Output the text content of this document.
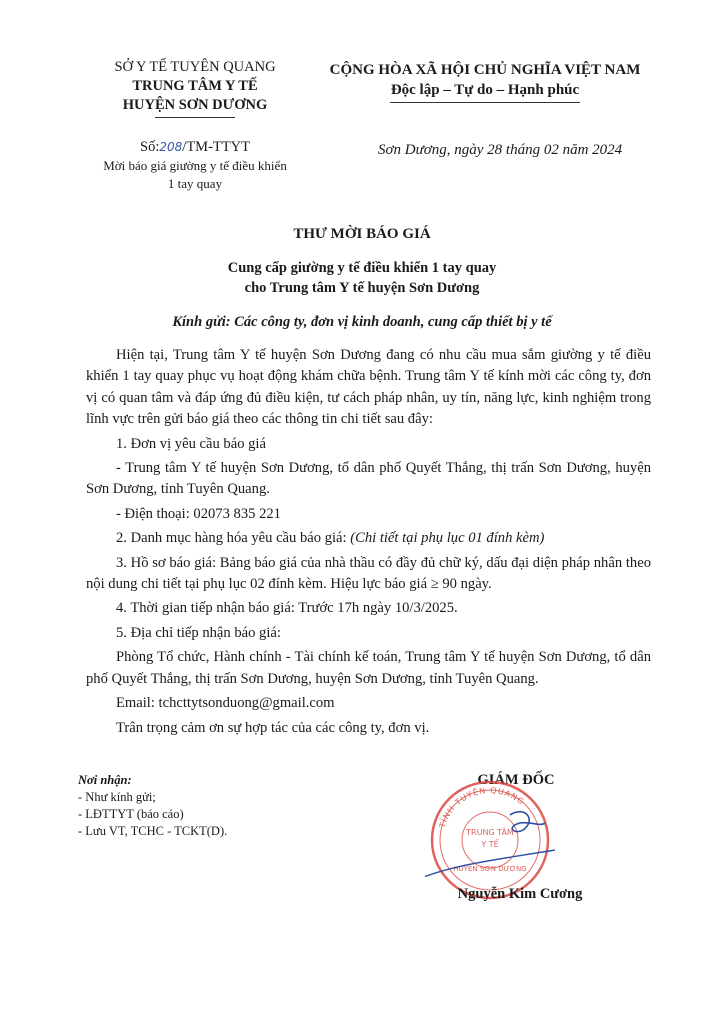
SỞ Y TẾ TUYÊN QUANG
TRUNG TÂM Y TẾ
HUYỆN SƠN DƯƠNG
Số:208/TM-TTYT
Mời báo giá giường y tế điều khiển
1 tay quay
CỘNG HÒA XÃ HỘI CHỦ NGHĨA VIỆT NAM
Độc lập – Tự do – Hạnh phúc
Sơn Dương, ngày 28 tháng 02 năm 2024
THƯ MỜI BÁO GIÁ
Cung cấp giường y tế điều khiển 1 tay quay
cho Trung tâm Y tế huyện Sơn Dương
Kính gửi: Các công ty, đơn vị kinh doanh, cung cấp thiết bị y tế

Hiện tại, Trung tâm Y tế huyện Sơn Dương đang có nhu cầu mua sắm giường y tế điều khiển 1 tay quay phục vụ hoạt động khám chữa bệnh. Trung tâm Y tế kính mời các công ty, đơn vị có quan tâm và đáp ứng đủ điều kiện, tư cách pháp nhân, uy tín, năng lực, kinh nghiệm trong lĩnh vực trên gửi báo giá theo các thông tin chi tiết sau đây:

1. Đơn vị yêu cầu báo giá

- Trung tâm Y tế huyện Sơn Dương, tổ dân phố Quyết Thắng, thị trấn Sơn Dương, huyện Sơn Dương, tỉnh Tuyên Quang.

- Điện thoại: 02073 835 221

2. Danh mục hàng hóa yêu cầu báo giá: (Chi tiết tại phụ lục 01 đính kèm)

3. Hồ sơ báo giá: Bảng báo giá của nhà thầu có đầy đủ chữ ký, dấu đại diện pháp nhân theo nội dung chi tiết tại phụ lục 02 đính kèm. Hiệu lực báo giá ≥ 90 ngày.

4. Thời gian tiếp nhận báo giá: Trước 17h ngày 10/3/2025.

5. Địa chỉ tiếp nhận báo giá:

Phòng Tổ chức, Hành chính - Tài chính kế toán, Trung tâm Y tế huyện Sơn Dương, tổ dân phố Quyết Thắng, thị trấn Sơn Dương, huyện Sơn Dương, tỉnh Tuyên Quang.

Email: tchcttytsonduong@gmail.com

Trân trọng cảm ơn sự hợp tác của các công ty, đơn vị.

Nơi nhận:
- Như kính gửi;
- LĐTTYT (báo cáo)
- Lưu VT, TCHC - TCKT(D).
GIÁM ĐỐC
TỈNH TUYÊN QUANG
TRUNG TÂM
Y TẾ
HUYỆN SƠN DƯƠNG
Nguyễn Kim Cương
